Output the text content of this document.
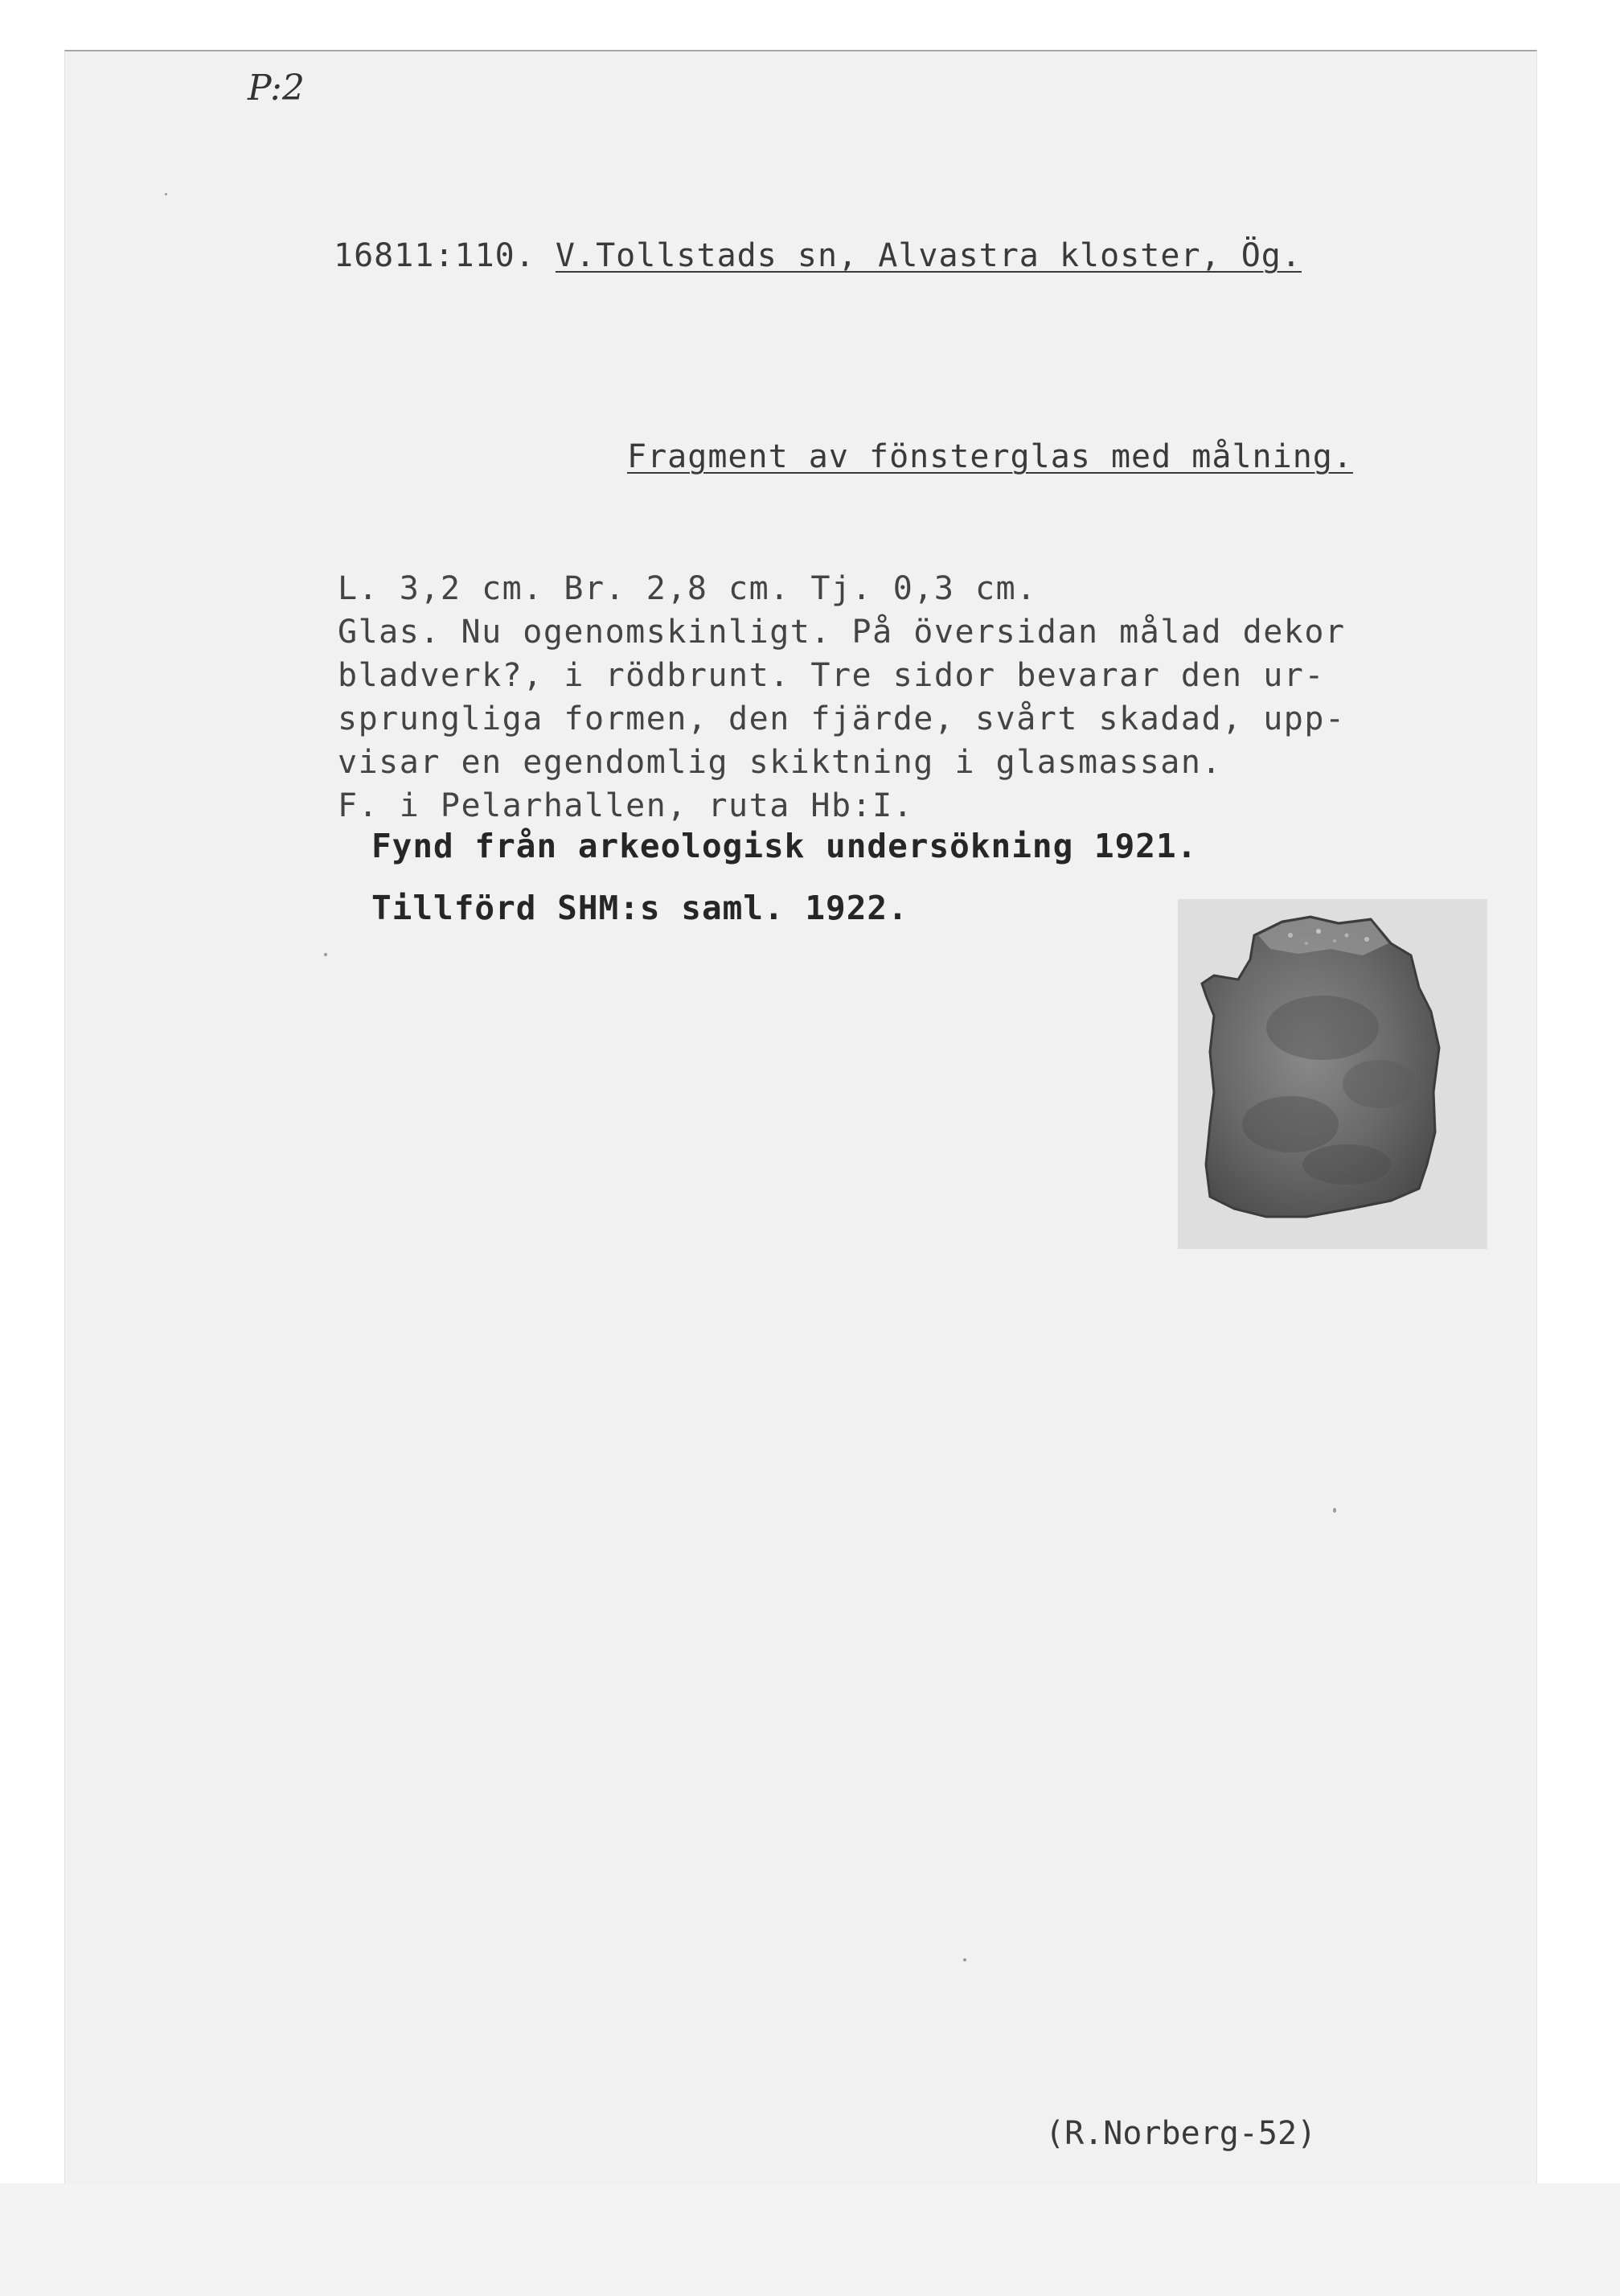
P:2
16811:110. V.Tollstads sn, Alvastra kloster, Ög.
Fragment av fönsterglas med målning.
L. 3,2 cm. Br. 2,8 cm. Tj. 0,3 cm.
Glas. Nu ogenomskinligt. På översidan målad dekor
bladverk?, i rödbrunt. Tre sidor bevarar den ur-
sprungliga formen, den fjärde, svårt skadad, upp-
visar en egendomlig skiktning i glasmassan.
F. i Pelarhallen, ruta Hb:I.
Fynd från arkeologisk undersökning 1921.
Tillförd SHM:s saml. 1922.
(R.Norberg-52)
